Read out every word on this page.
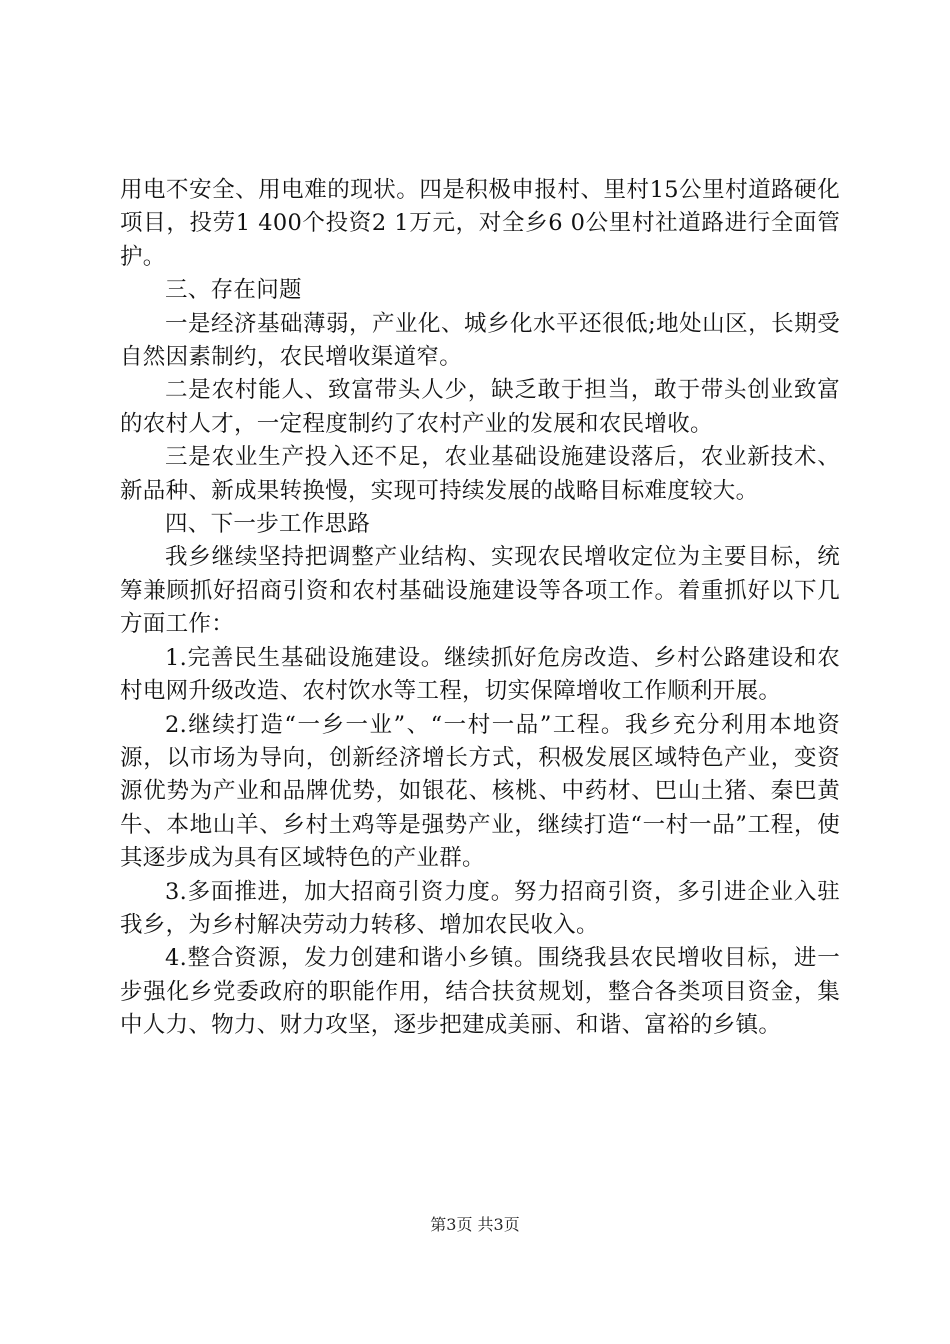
用电不安全、用电难的现状。四是积极申报村、里村15公里村道路硬化项目，投劳1 400个投资2 1万元，对全乡6 0公里村社道路进行全面管护。

三、存在问题

一是经济基础薄弱，产业化、城乡化水平还很低;地处山区，长期受自然因素制约，农民增收渠道窄。

二是农村能人、致富带头人少，缺乏敢于担当，敢于带头创业致富的农村人才，一定程度制约了农村产业的发展和农民增收。

三是农业生产投入还不足，农业基础设施建设落后，农业新技术、新品种、新成果转换慢，实现可持续发展的战略目标难度较大。

四、下一步工作思路

我乡继续坚持把调整产业结构、实现农民增收定位为主要目标，统筹兼顾抓好招商引资和农村基础设施建设等各项工作。着重抓好以下几方面工作：

1.完善民生基础设施建设。继续抓好危房改造、乡村公路建设和农村电网升级改造、农村饮水等工程，切实保障增收工作顺利开展。

2.继续打造“一乡一业”、“一村一品”工程。我乡充分利用本地资源，以市场为导向，创新经济增长方式，积极发展区域特色产业，变资源优势为产业和品牌优势，如银花、核桃、中药材、巴山土猪、秦巴黄牛、本地山羊、乡村土鸡等是强势产业，继续打造“一村一品”工程，使其逐步成为具有区域特色的产业群。

3.多面推进，加大招商引资力度。努力招商引资，多引进企业入驻我乡，为乡村解决劳动力转移、增加农民收入。

4.整合资源，发力创建和谐小乡镇。围绕我县农民增收目标，进一步强化乡党委政府的职能作用，结合扶贫规划，整合各类项目资金，集中人力、物力、财力攻坚，逐步把建成美丽、和谐、富裕的乡镇。

第3页 共3页
